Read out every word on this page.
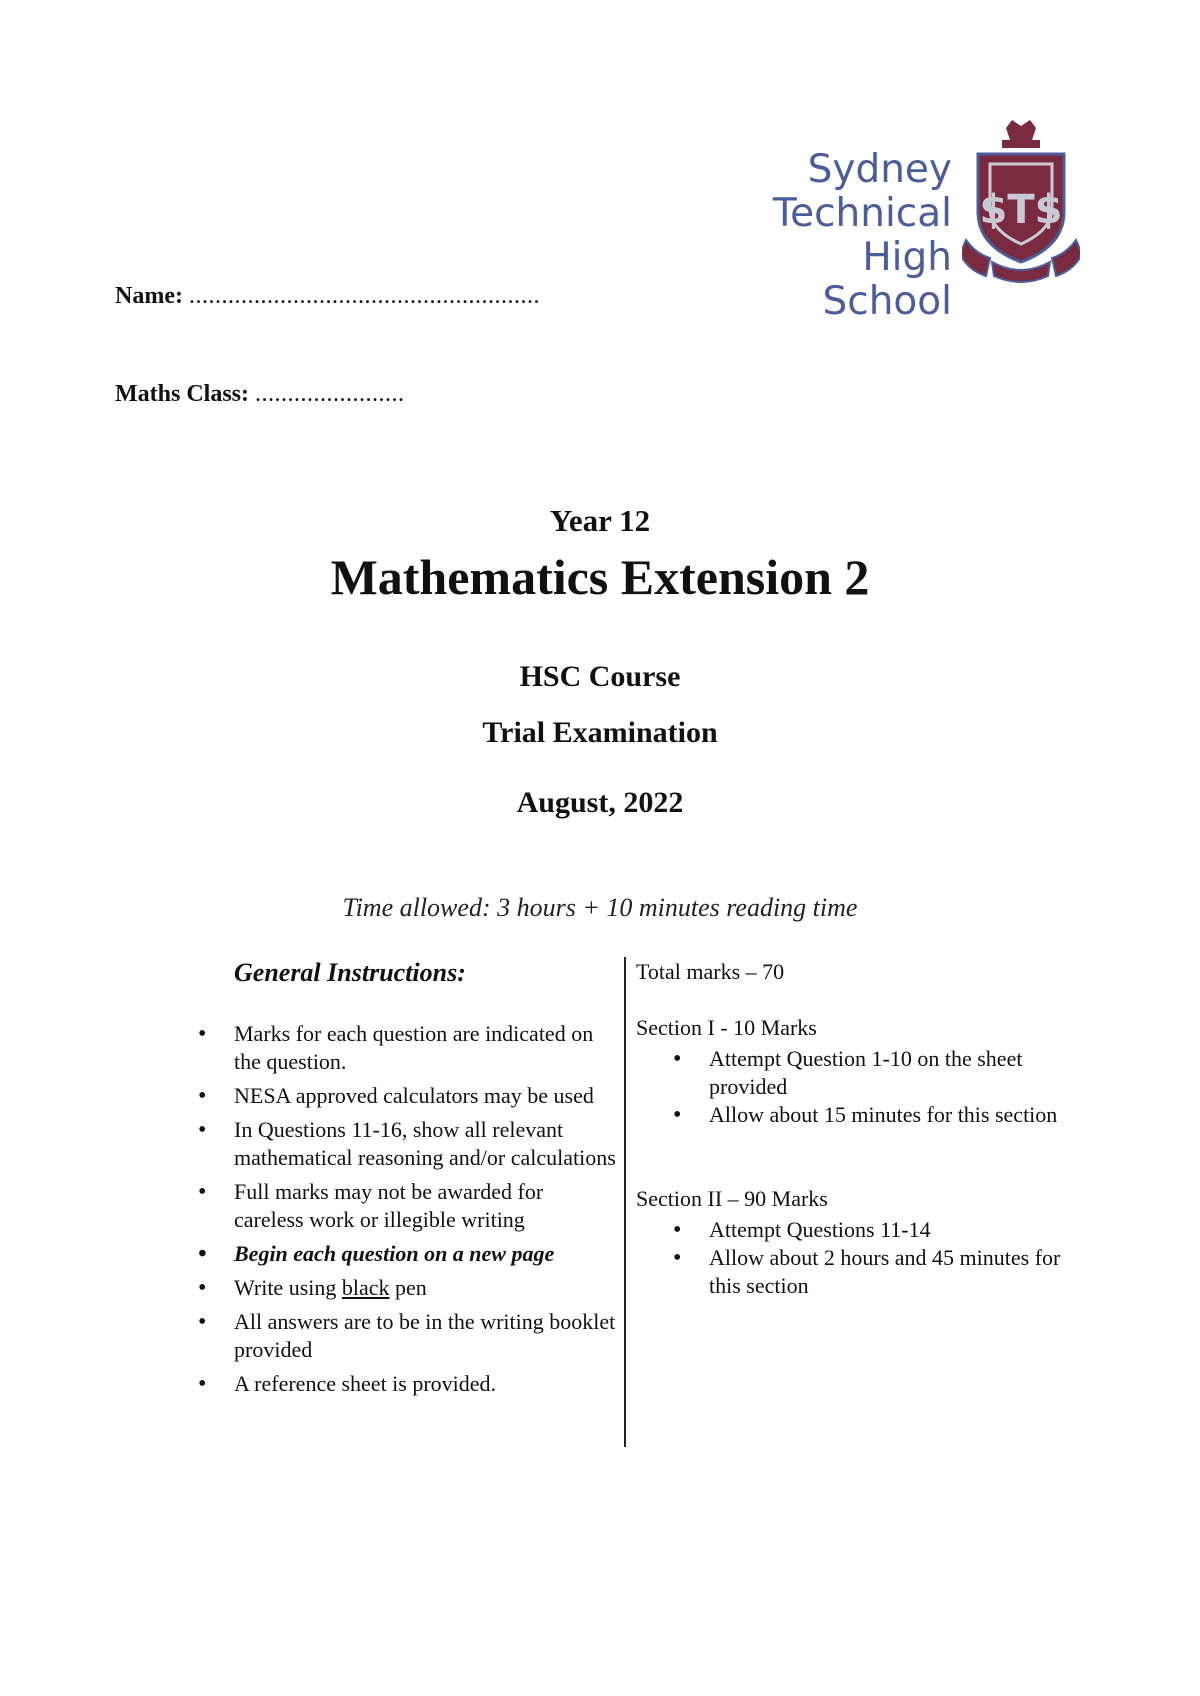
Sydney
Technical
High School
$T$
Name: ......................................................
Maths Class: .......................
Year 12
Mathematics Extension 2
HSC Course
Trial Examination
August, 2022
Time allowed: 3 hours + 10 minutes reading time
General Instructions:
• Marks for each question are indicated on the question.
• NESA approved calculators may be used
• In Questions 11-16, show all relevant mathematical reasoning and/or calculations
• Full marks may not be awarded for careless work or illegible writing
• Begin each question on a new page
• Write using black pen
• All answers are to be in the writing booklet provided
• A reference sheet is provided.
Total marks – 70
Section I - 10 Marks
• Attempt Question 1-10 on the sheet provided
• Allow about 15 minutes for this section
Section II – 90 Marks
• Attempt Questions 11-14
• Allow about 2 hours and 45 minutes for this section
